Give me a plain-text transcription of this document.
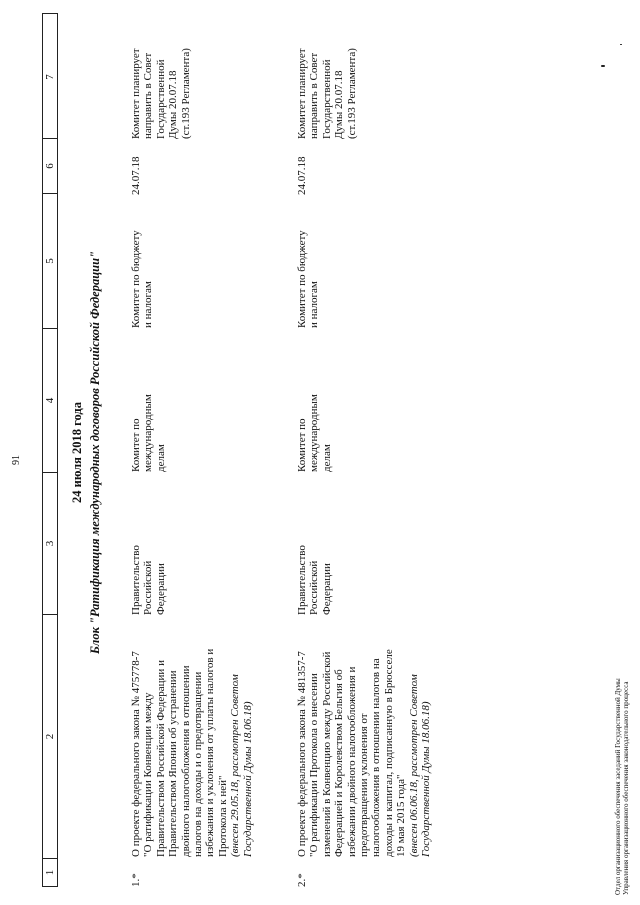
91
1
2
3
4
5
6
7
24 июля 2018 года Блок "Ратификация международных договоров Российской Федерации"
1.*
О проекте федерального закона № 475778-7 "О ратификации Конвенции между Правительством Российской Федерации и Правительством Японии об устранении двойного налогообложения в отношении налогов на доходы и о предотвращении избежания и уклонения от уплаты налогов и Протокола к ней" (внесен 29.05.18, рассмотрен Советом Государственной Думы 18.06.18)
Правительство Российской Федерации
Комитет по международным делам
Комитет по бюджету и налогам
24.07.18
Комитет планирует направить в Совет Государственной Думы 20.07.18 (ст.193 Регламента)
2.*
О проекте федерального закона № 481357-7 "О ратификации Протокола о внесении изменений в Конвенцию между Российской Федерацией и Королевством Бельгия об избежании двойного налогообложения и предотвращении уклонения от налогообложения в отношении налогов на доходы и капитал, подписанную в Брюсселе 19 мая 2015 года" (внесен 06.06.18, рассмотрен Советом Государственной Думы 18.06.18)
Правительство Российской Федерации
Комитет по международным делам
Комитет по бюджету и налогам
24.07.18
Комитет планирует направить в Совет Государственной Думы 20.07.18 (ст.193 Регламента)
Отдел организационного обеспечения заседаний Государственной Думы Управления организационного обеспечения законодательного процесса
